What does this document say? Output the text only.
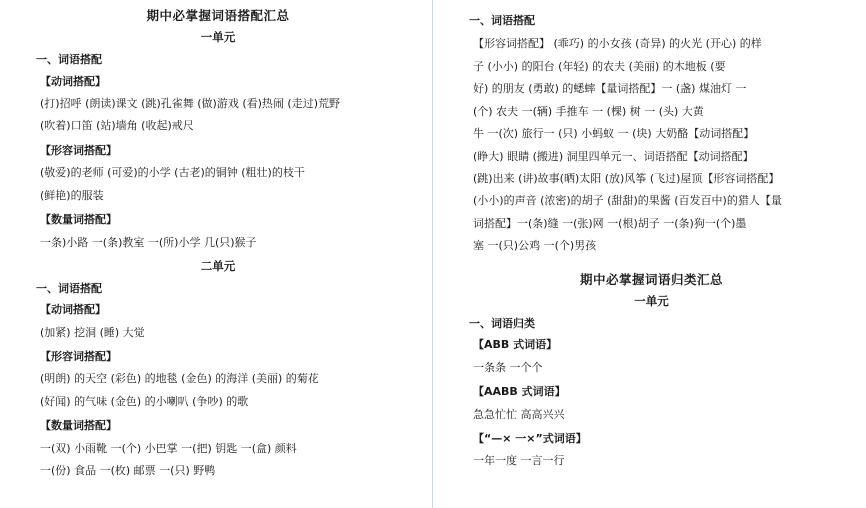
期中必掌握词语搭配汇总
一单元
一、词语搭配
【动词搭配】
(打)招呼 (朗读)课文 (跳)孔雀舞 (做)游戏 (看)热闹 (走过)荒野
(吹着)口笛 (站)墙角 (收起)戒尺
【形容词搭配】
(敬爱)的老师 (可爱)的小学 (古老)的铜钟 (粗壮)的枝干
(鲜艳)的服装
【数量词搭配】
一条)小路 一(条)教室 一(所)小学 几(只)猴子
二单元
一、词语搭配
【动词搭配】
(加紧) 挖洞 (睡) 大觉
【形容词搭配】
(明朗) 的天空 (彩色) 的地毯 (金色) 的海洋 (美丽) 的菊花
(好闻) 的气味 (金色) 的小喇叭 (争吵) 的歌
【数量词搭配】
一(双) 小雨靴 一(个) 小巴掌 一(把) 钥匙 一(盒) 颜料
一(份) 食品 一(枚) 邮票 一(只) 野鸭
一、词语搭配
【形容词搭配】 (乖巧) 的小女孩 (奇异) 的火光 (开心) 的样
子 (小小) 的阳台 (年轻) 的农夫 (美丽) 的木地板 (要
好) 的朋友 (勇敢) 的蟋蟀【量词搭配】一 (盏) 煤油灯 一
(个) 农夫 一(辆) 手推车 一 (棵) 树 一 (头) 大黄
牛 一(次) 旅行一 (只) 小蚂蚁 一 (块) 大奶酪【动词搭配】
(睁大) 眼睛 (搬进) 洞里四单元一、词语搭配【动词搭配】
(跳)出来 (讲)故事(晒)太阳 (放)风筝 (飞过)屋顶【形容词搭配】
(小小)的声音 (浓密)的胡子 (甜甜)的果酱 (百发百中)的猎人【量
词搭配】一(条)缝 一(张)网 一(根)胡子 一(条)狗一(个)墨
塞 一(只)公鸡 一(个)男孩
期中必掌握词语归类汇总
一单元
一、词语归类
【ABB 式词语】
一条条 一个个
【AABB 式词语】
急急忙忙 高高兴兴
【“—× 一×”式词语】
一年一度 一言一行
